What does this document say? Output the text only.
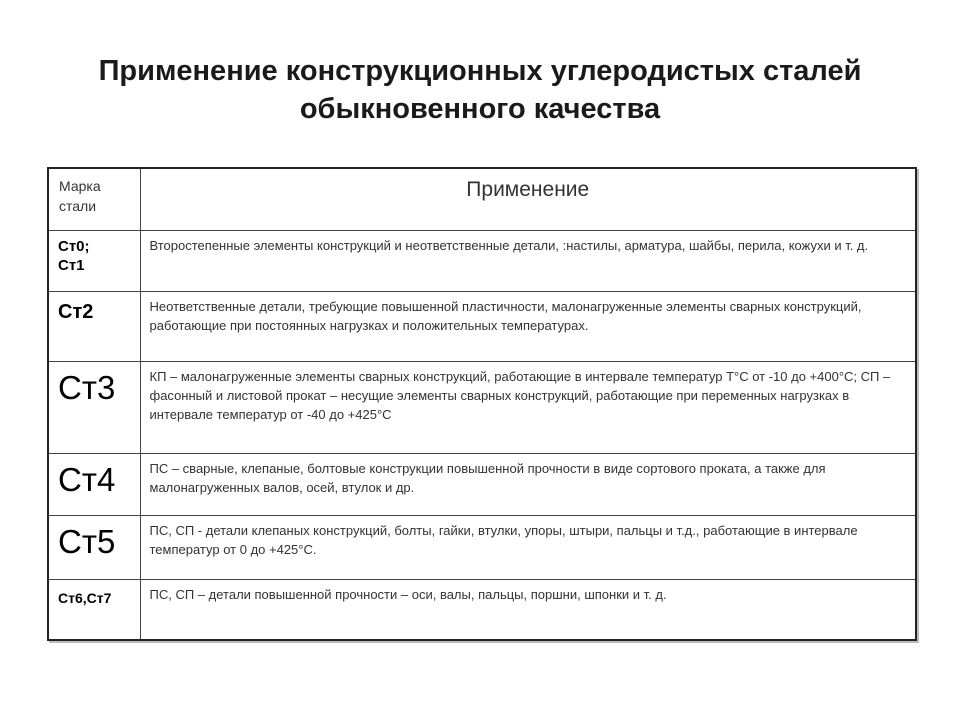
Применение конструкционных углеродистых сталей
обыкновенного качества
Марка
стали	Применение

Ст0;
Ст1	Второстепенные элементы конструкций и неответственные детали, :настилы, арматура, шайбы, перила, кожухи и т. д.
Ст2	Неответственные детали, требующие повышенной пластичности, малонагруженные элементы сварных конструкций, работающие при постоянных нагрузках и положительных температурах.
Ст3	КП – малонагруженные элементы сварных конструкций, работающие в интервале температур Т°С от -10 до +400°С; СП – фасонный и листовой прокат – несущие элементы сварных конструкций, работающие при переменных нагрузках в интервале температур от -40 до +425°С
Ст4	ПС – сварные, клепаные, болтовые конструкции повышенной прочности в виде сортового проката, а также для малонагруженных валов, осей, втулок и др.
Ст5	ПС, СП - детали клепаных конструкций, болты, гайки, втулки, упоры, штыри, пальцы и т.д., работающие в интервале температур от 0 до +425°С.
Ст6,Ст7	ПС, СП – детали повышенной прочности – оси, валы, пальцы, поршни, шпонки и т. д.
